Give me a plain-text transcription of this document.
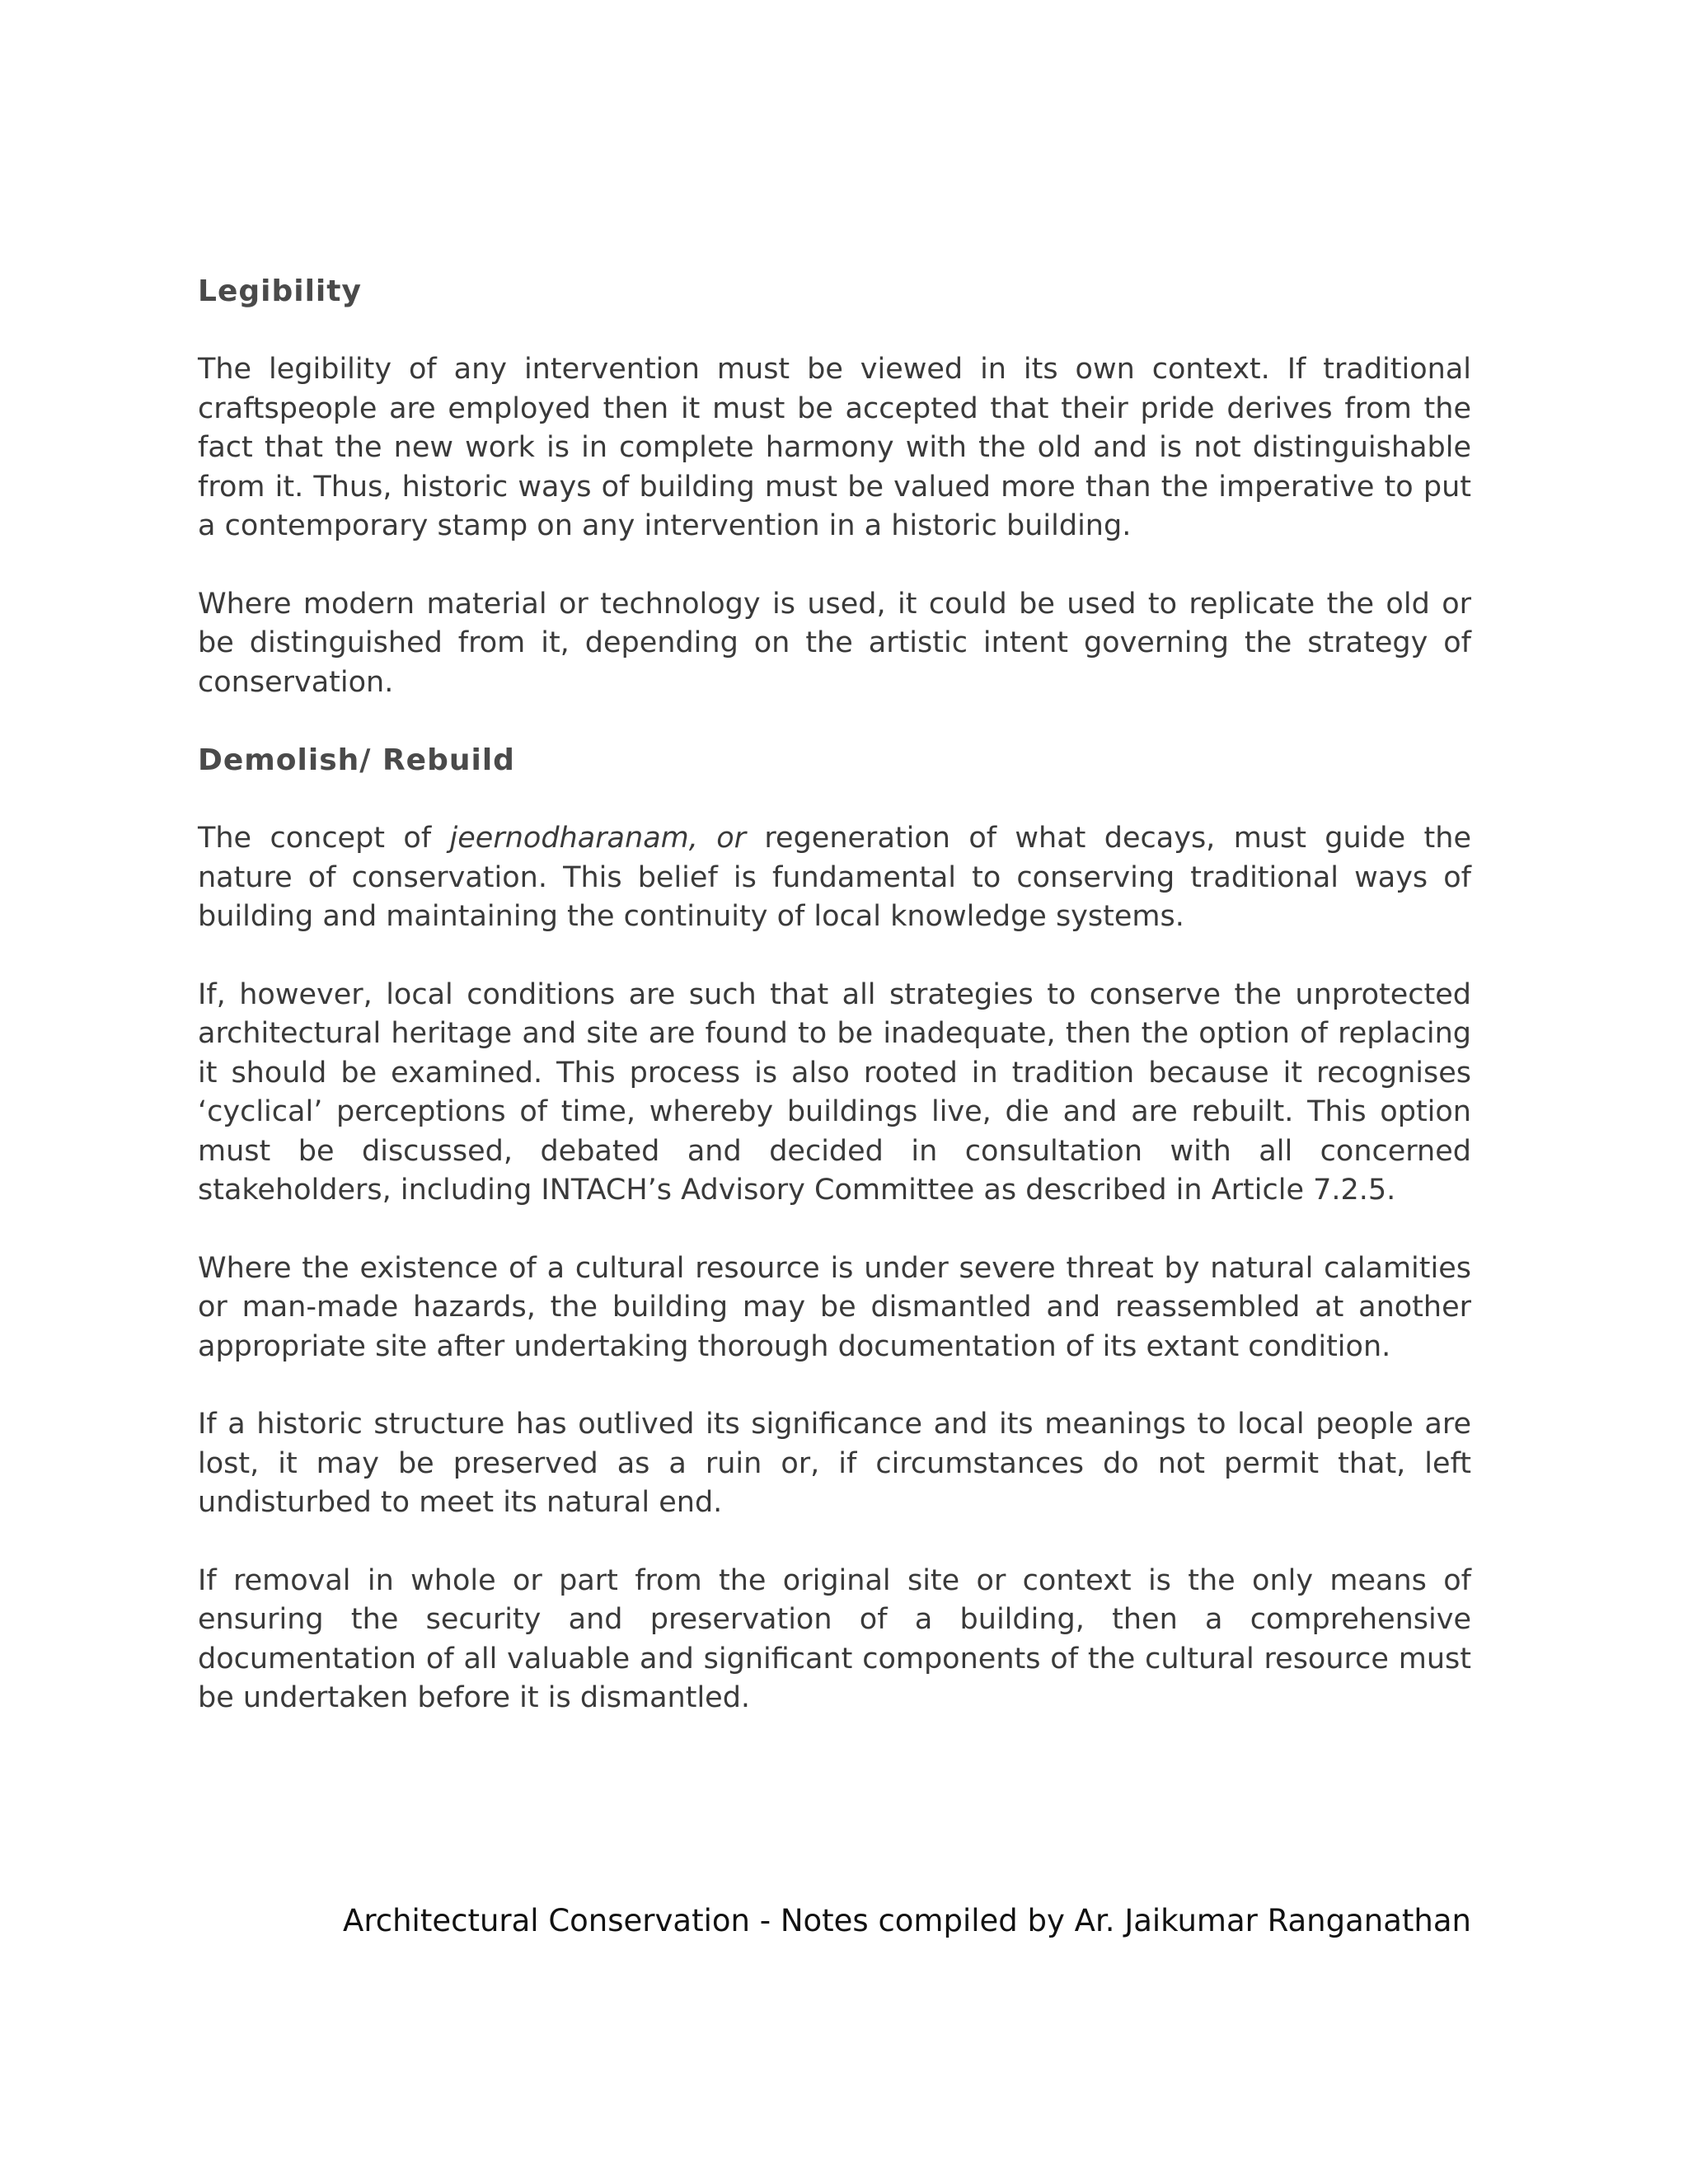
Legibility

The legibility of any intervention must be viewed in its own context. If traditional craftspeople are employed then it must be accepted that their pride derives from the fact that the new work is in complete harmony with the old and is not distinguishable from it. Thus, historic ways of building must be valued more than the imperative to put a contemporary stamp on any intervention in a historic building.

Where modern material or technology is used, it could be used to replicate the old or be distinguished from it, depending on the artistic intent governing the strategy of conservation.

Demolish/ Rebuild

The concept of jeernodharanam, or regeneration of what decays, must guide the nature of conservation. This belief is fundamental to conserving traditional ways of building and maintaining the continuity of local knowledge systems.

If, however, local conditions are such that all strategies to conserve the unprotected architectural heritage and site are found to be inadequate, then the option of replacing it should be examined. This process is also rooted in tradition because it recognises ‘cyclical’ perceptions of time, whereby buildings live, die and are rebuilt. This option must be discussed, debated and decided in consultation with all concerned stakeholders, including INTACH’s Advisory Committee as described in Article 7.2.5.

Where the existence of a cultural resource is under severe threat by natural calamities or man-made hazards, the building may be dismantled and reassembled at another appropriate site after undertaking thorough documentation of its extant condition.

If a historic structure has outlived its significance and its meanings to local people are lost, it may be preserved as a ruin or, if circumstances do not permit that, left undisturbed to meet its natural end.

If removal in whole or part from the original site or context is the only means of ensuring the security and preservation of a building, then a comprehensive documentation of all valuable and significant components of the cultural resource must be undertaken before it is dismantled.

Architectural Conservation - Notes compiled by Ar. Jaikumar Ranganathan
